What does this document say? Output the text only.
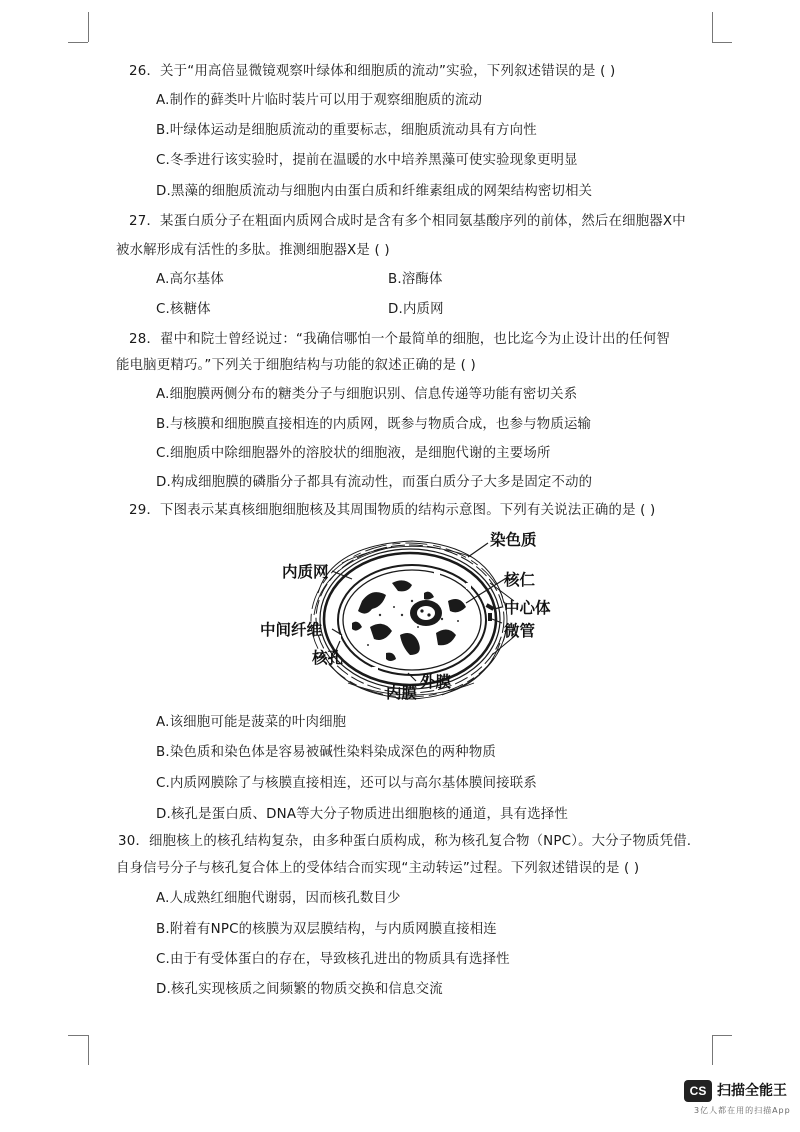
26．关于“用高倍显微镜观察叶绿体和细胞质的流动”实验，下列叙述错误的是 ( )
A.制作的藓类叶片临时装片可以用于观察细胞质的流动
B.叶绿体运动是细胞质流动的重要标志，细胞质流动具有方向性
C.冬季进行该实验时，提前在温暖的水中培养黑藻可使实验现象更明显
D.黑藻的细胞质流动与细胞内由蛋白质和纤维素组成的网架结构密切相关
27．某蛋白质分子在粗面内质网合成时是含有多个相同氨基酸序列的前体，然后在细胞器X中
被水解形成有活性的多肽。推测细胞器X是 ( )
A.高尔基体	B.溶酶体
C.核糖体	D.内质网
28．翟中和院士曾经说过：“我确信哪怕一个最简单的细胞，也比迄今为止设计出的任何智
能电脑更精巧。”下列关于细胞结构与功能的叙述正确的是 ( )
A.细胞膜两侧分布的糖类分子与细胞识别、信息传递等功能有密切关系
B.与核膜和细胞膜直接相连的内质网，既参与物质合成，也参与物质运输
C.细胞质中除细胞器外的溶胶状的细胞液，是细胞代谢的主要场所
D.构成细胞膜的磷脂分子都具有流动性，而蛋白质分子大多是固定不动的
29．下图表示某真核细胞细胞核及其周围物质的结构示意图。下列有关说法正确的是 ( )
内质网
染色质
核仁
中心体
中间纤维	微管
核孔
内膜
外膜
A.该细胞可能是菠菜的叶肉细胞
B.染色质和染色体是容易被碱性染料染成深色的两种物质
C.内质网膜除了与核膜直接相连，还可以与高尔基体膜间接联系
D.核孔是蛋白质、DNA等大分子物质进出细胞核的通道，具有选择性
30．细胞核上的核孔结构复杂，由多种蛋白质构成，称为核孔复合物（NPC）。大分子物质凭借.
自身信号分子与核孔复合体上的受体结合而实现“主动转运”过程。下列叙述错误的是 ( )
A.人成熟红细胞代谢弱，因而核孔数目少
B.附着有NPC的核膜为双层膜结构，与内质网膜直接相连
C.由于有受体蛋白的存在，导致核孔进出的物质具有选择性
D.核孔实现核质之间频繁的物质交换和信息交流
CS 扫描全能王
3亿人都在用的扫描App
